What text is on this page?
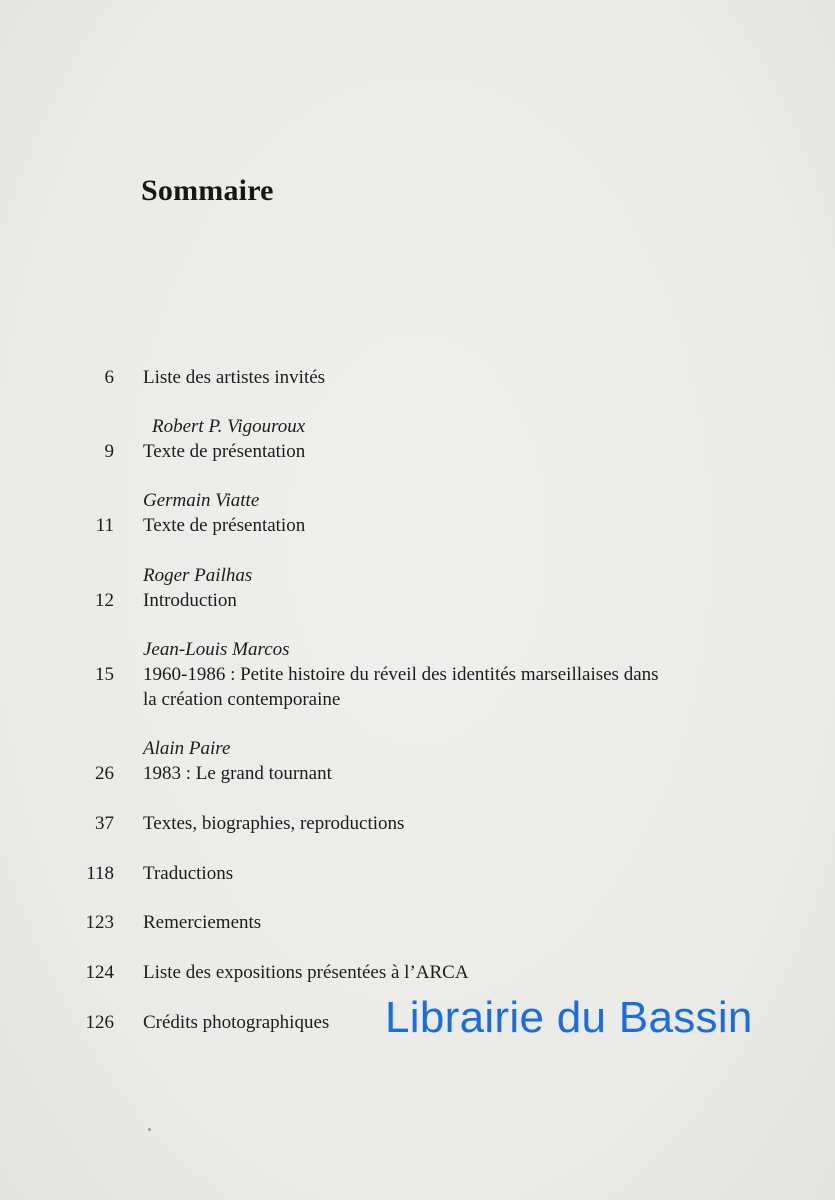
Sommaire
6 Liste des artistes invités
Robert P. Vigouroux
9 Texte de présentation
Germain Viatte
11 Texte de présentation
Roger Pailhas
12 Introduction
Jean-Louis Marcos
15 1960-1986 : Petite histoire du réveil des identités marseillaises dans
la création contemporaine
Alain Paire
26 1983 : Le grand tournant
37 Textes, biographies, reproductions
118 Traductions
123 Remerciements
124 Liste des expositions présentées à l’ARCA
126 Crédits photographiques	Librairie du Bassin
